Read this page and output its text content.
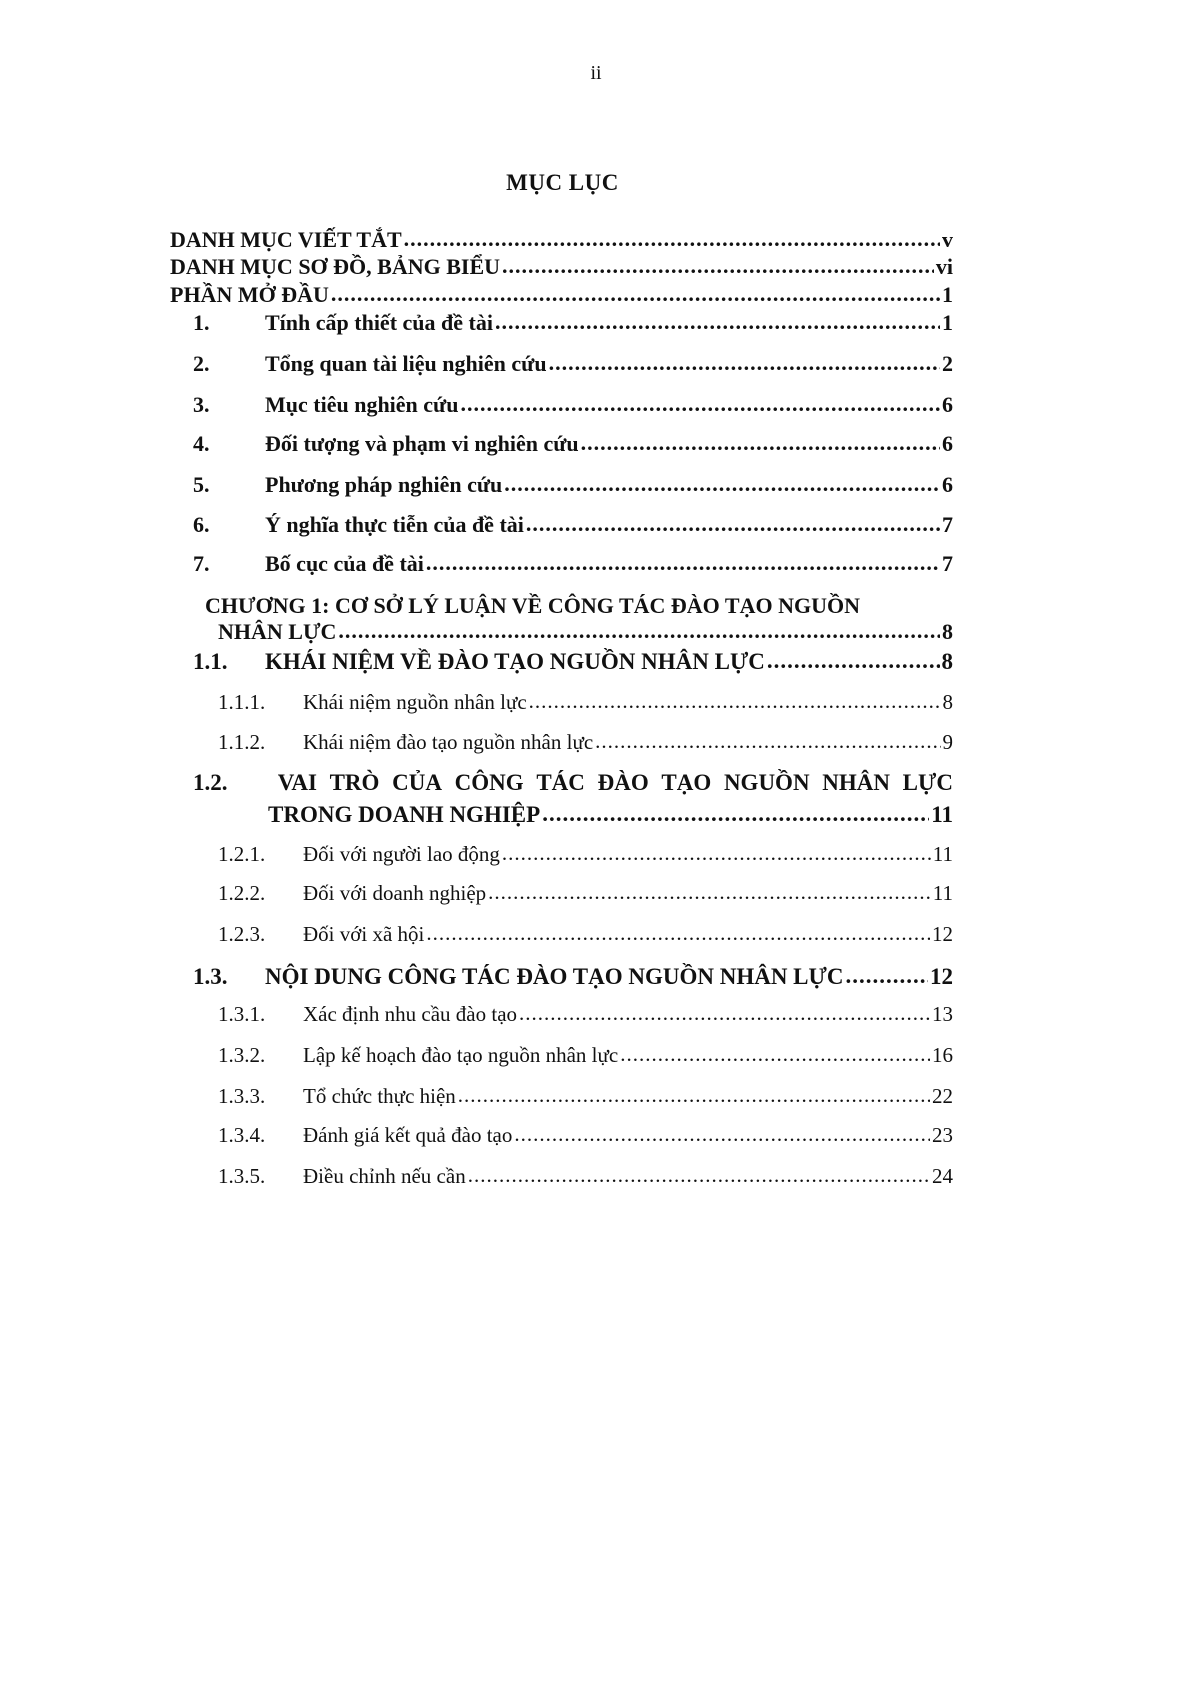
ii
MỤC LỤC
DANH MỤC VIẾT TẮT .....	v
DANH MỤC SƠ ĐỒ, BẢNG BIỂU .....	vi
PHẦN MỞ ĐẦU .....	1
1.	Tính cấp thiết của đề tài .....	1
2.	Tổng quan tài liệu nghiên cứu .....	2
3.	Mục tiêu nghiên cứu .....	6
4.	Đối tượng và phạm vi nghiên cứu .....	6
5.	Phương pháp nghiên cứu .....	6
6.	Ý nghĩa thực tiễn của đề tài .....	7
7.	Bố cục của đề tài .....	7
CHƯƠNG 1: CƠ SỞ LÝ LUẬN VỀ CÔNG TÁC ĐÀO TẠO NGUỒN
NHÂN LỰC .....	8
1.1.	KHÁI NIỆM VỀ ĐÀO TẠO NGUỒN NHÂN LỰC .....	8
1.1.1.	Khái niệm nguồn nhân lực .....	8
1.1.2.	Khái niệm đào tạo nguồn nhân lực .....	9
1.2.	VAI TRÒ CỦA CÔNG TÁC ĐÀO TẠO NGUỒN NHÂN LỰC
TRONG DOANH NGHIỆP .....	11
1.2.1.	Đối với người lao động .....	11
1.2.2.	Đối với doanh nghiệp .....	11
1.2.3.	Đối với xã hội .....	12
1.3.	NỘI DUNG CÔNG TÁC ĐÀO TẠO NGUỒN NHÂN LỰC .....	12
1.3.1.	Xác định nhu cầu đào tạo .....	13
1.3.2.	Lập kế hoạch đào tạo nguồn nhân lực .....	16
1.3.3.	Tổ chức thực hiện .....	22
1.3.4.	Đánh giá kết quả đào tạo .....	23
1.3.5.	Điều chỉnh nếu cần .....	24
